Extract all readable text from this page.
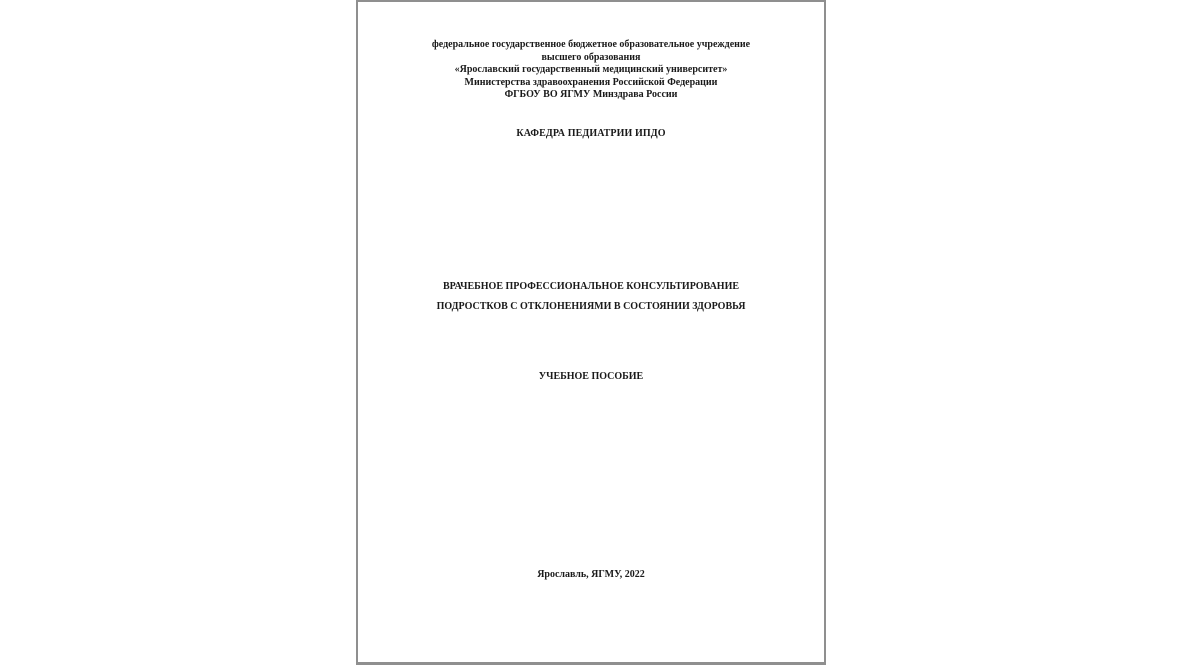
федеральное государственное бюджетное образовательное учреждение
высшего образования
«Ярославский государственный медицинский университет»
Министерства здравоохранения Российской Федерации
ФГБОУ ВО ЯГМУ Минздрава России
КАФЕДРА ПЕДИАТРИИ ИПДО
ВРАЧЕБНОЕ ПРОФЕССИОНАЛЬНОЕ КОНСУЛЬТИРОВАНИЕ
ПОДРОСТКОВ С ОТКЛОНЕНИЯМИ В СОСТОЯНИИ ЗДОРОВЬЯ
УЧЕБНОЕ ПОСОБИЕ
Ярославль, ЯГМУ, 2022
